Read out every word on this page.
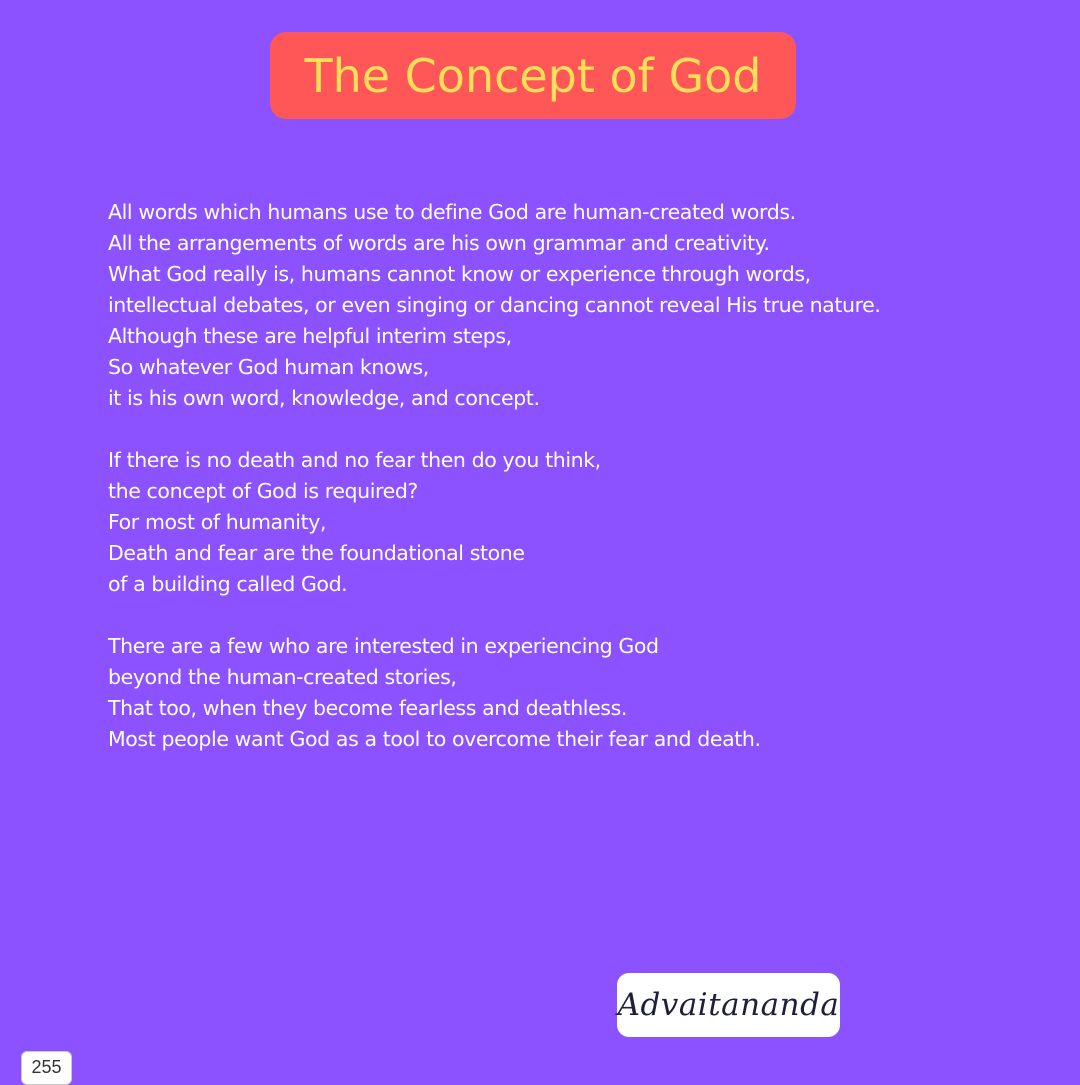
The Concept of God
All words which humans use to define God are human-created words.
All the arrangements of words are his own grammar and creativity.
What God really is, humans cannot know or experience through words,
intellectual debates, or even singing or dancing cannot reveal His true nature.
Although these are helpful interim steps,
So whatever God human knows,
it is his own word, knowledge, and concept.
If there is no death and no fear then do you think,
the concept of God is required?
For most of humanity,
Death and fear are the foundational stone
of a building called God.
There are a few who are interested in experiencing God
beyond the human-created stories,
That too, when they become fearless and deathless.
Most people want God as a tool to overcome their fear and death.
Advaitananda
255
